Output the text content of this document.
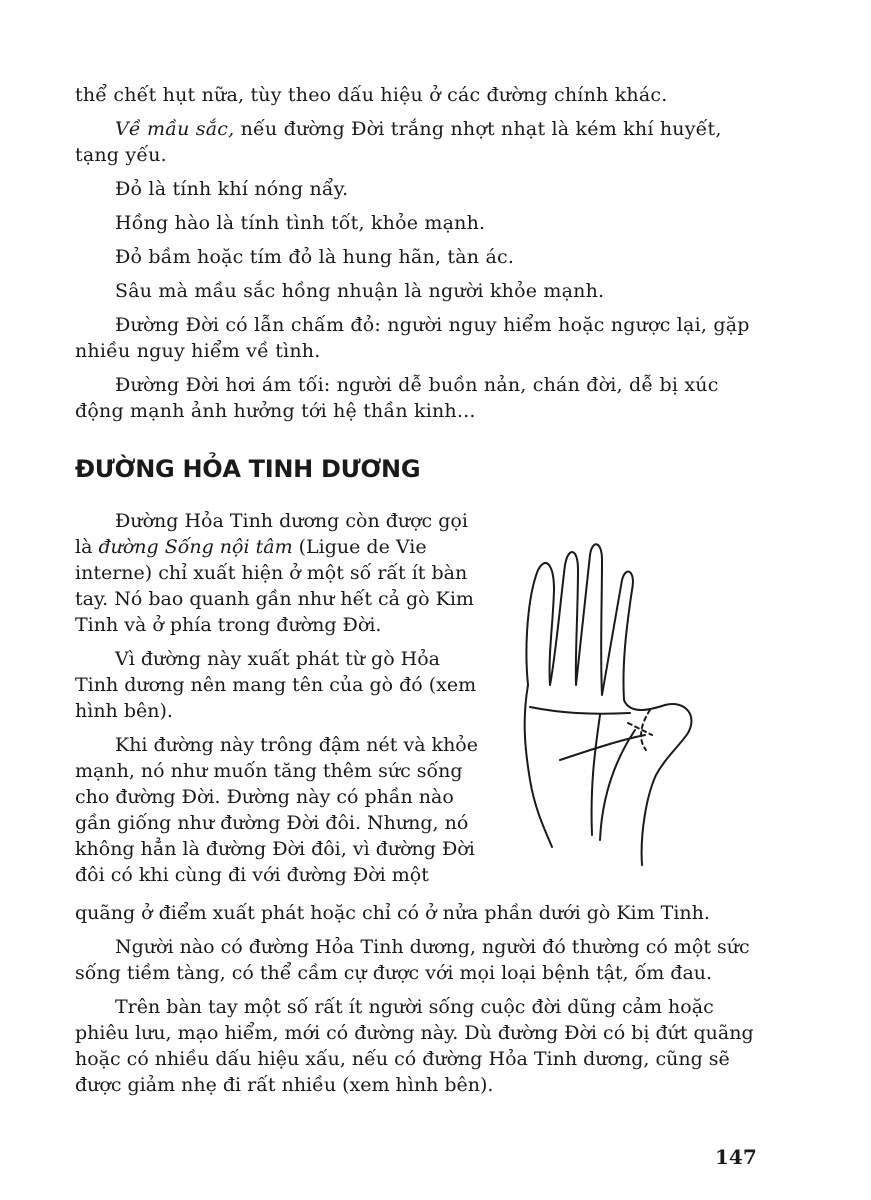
thể chết hụt nữa, tùy theo dấu hiệu ở các đường chính khác.

Về mầu sắc, nếu đường Đời trắng nhợt nhạt là kém khí huyết, tạng yếu.

Đỏ là tính khí nóng nẩy.

Hồng hào là tính tình tốt, khỏe mạnh.

Đỏ bầm hoặc tím đỏ là hung hãn, tàn ác.

Sâu mà mầu sắc hồng nhuận là người khỏe mạnh.

Đường Đời có lẫn chấm đỏ: người nguy hiểm hoặc ngược lại, gặp nhiều nguy hiểm về tình.

Đường Đời hơi ám tối: người dễ buồn nản, chán đời, dễ bị xúc động mạnh ảnh hưởng tới hệ thần kinh...

ĐƯỜNG HỎA TINH DƯƠNG

Đường Hỏa Tinh dương còn được gọi là đường Sống nội tâm (Ligue de Vie interne) chỉ xuất hiện ở một số rất ít bàn tay. Nó bao quanh gần như hết cả gò Kim Tinh và ở phía trong đường Đời.

Vì đường này xuất phát từ gò Hỏa Tinh dương nên mang tên của gò đó (xem hình bên).

Khi đường này trông đậm nét và khỏe mạnh, nó như muốn tăng thêm sức sống cho đường Đời. Đường này có phần nào gần giống như đường Đời đôi. Nhưng, nó không hẳn là đường Đời đôi, vì đường Đời đôi có khi cùng đi với đường Đời một

quãng ở điểm xuất phát hoặc chỉ có ở nửa phần dưới gò Kim Tinh.

Người nào có đường Hỏa Tinh dương, người đó thường có một sức sống tiềm tàng, có thể cầm cự được với mọi loại bệnh tật, ốm đau.

Trên bàn tay một số rất ít người sống cuộc đời dũng cảm hoặc phiêu lưu, mạo hiểm, mới có đường này. Dù đường Đời có bị đứt quãng hoặc có nhiều dấu hiệu xấu, nếu có đường Hỏa Tinh dương, cũng sẽ được giảm nhẹ đi rất nhiều (xem hình bên).

147
